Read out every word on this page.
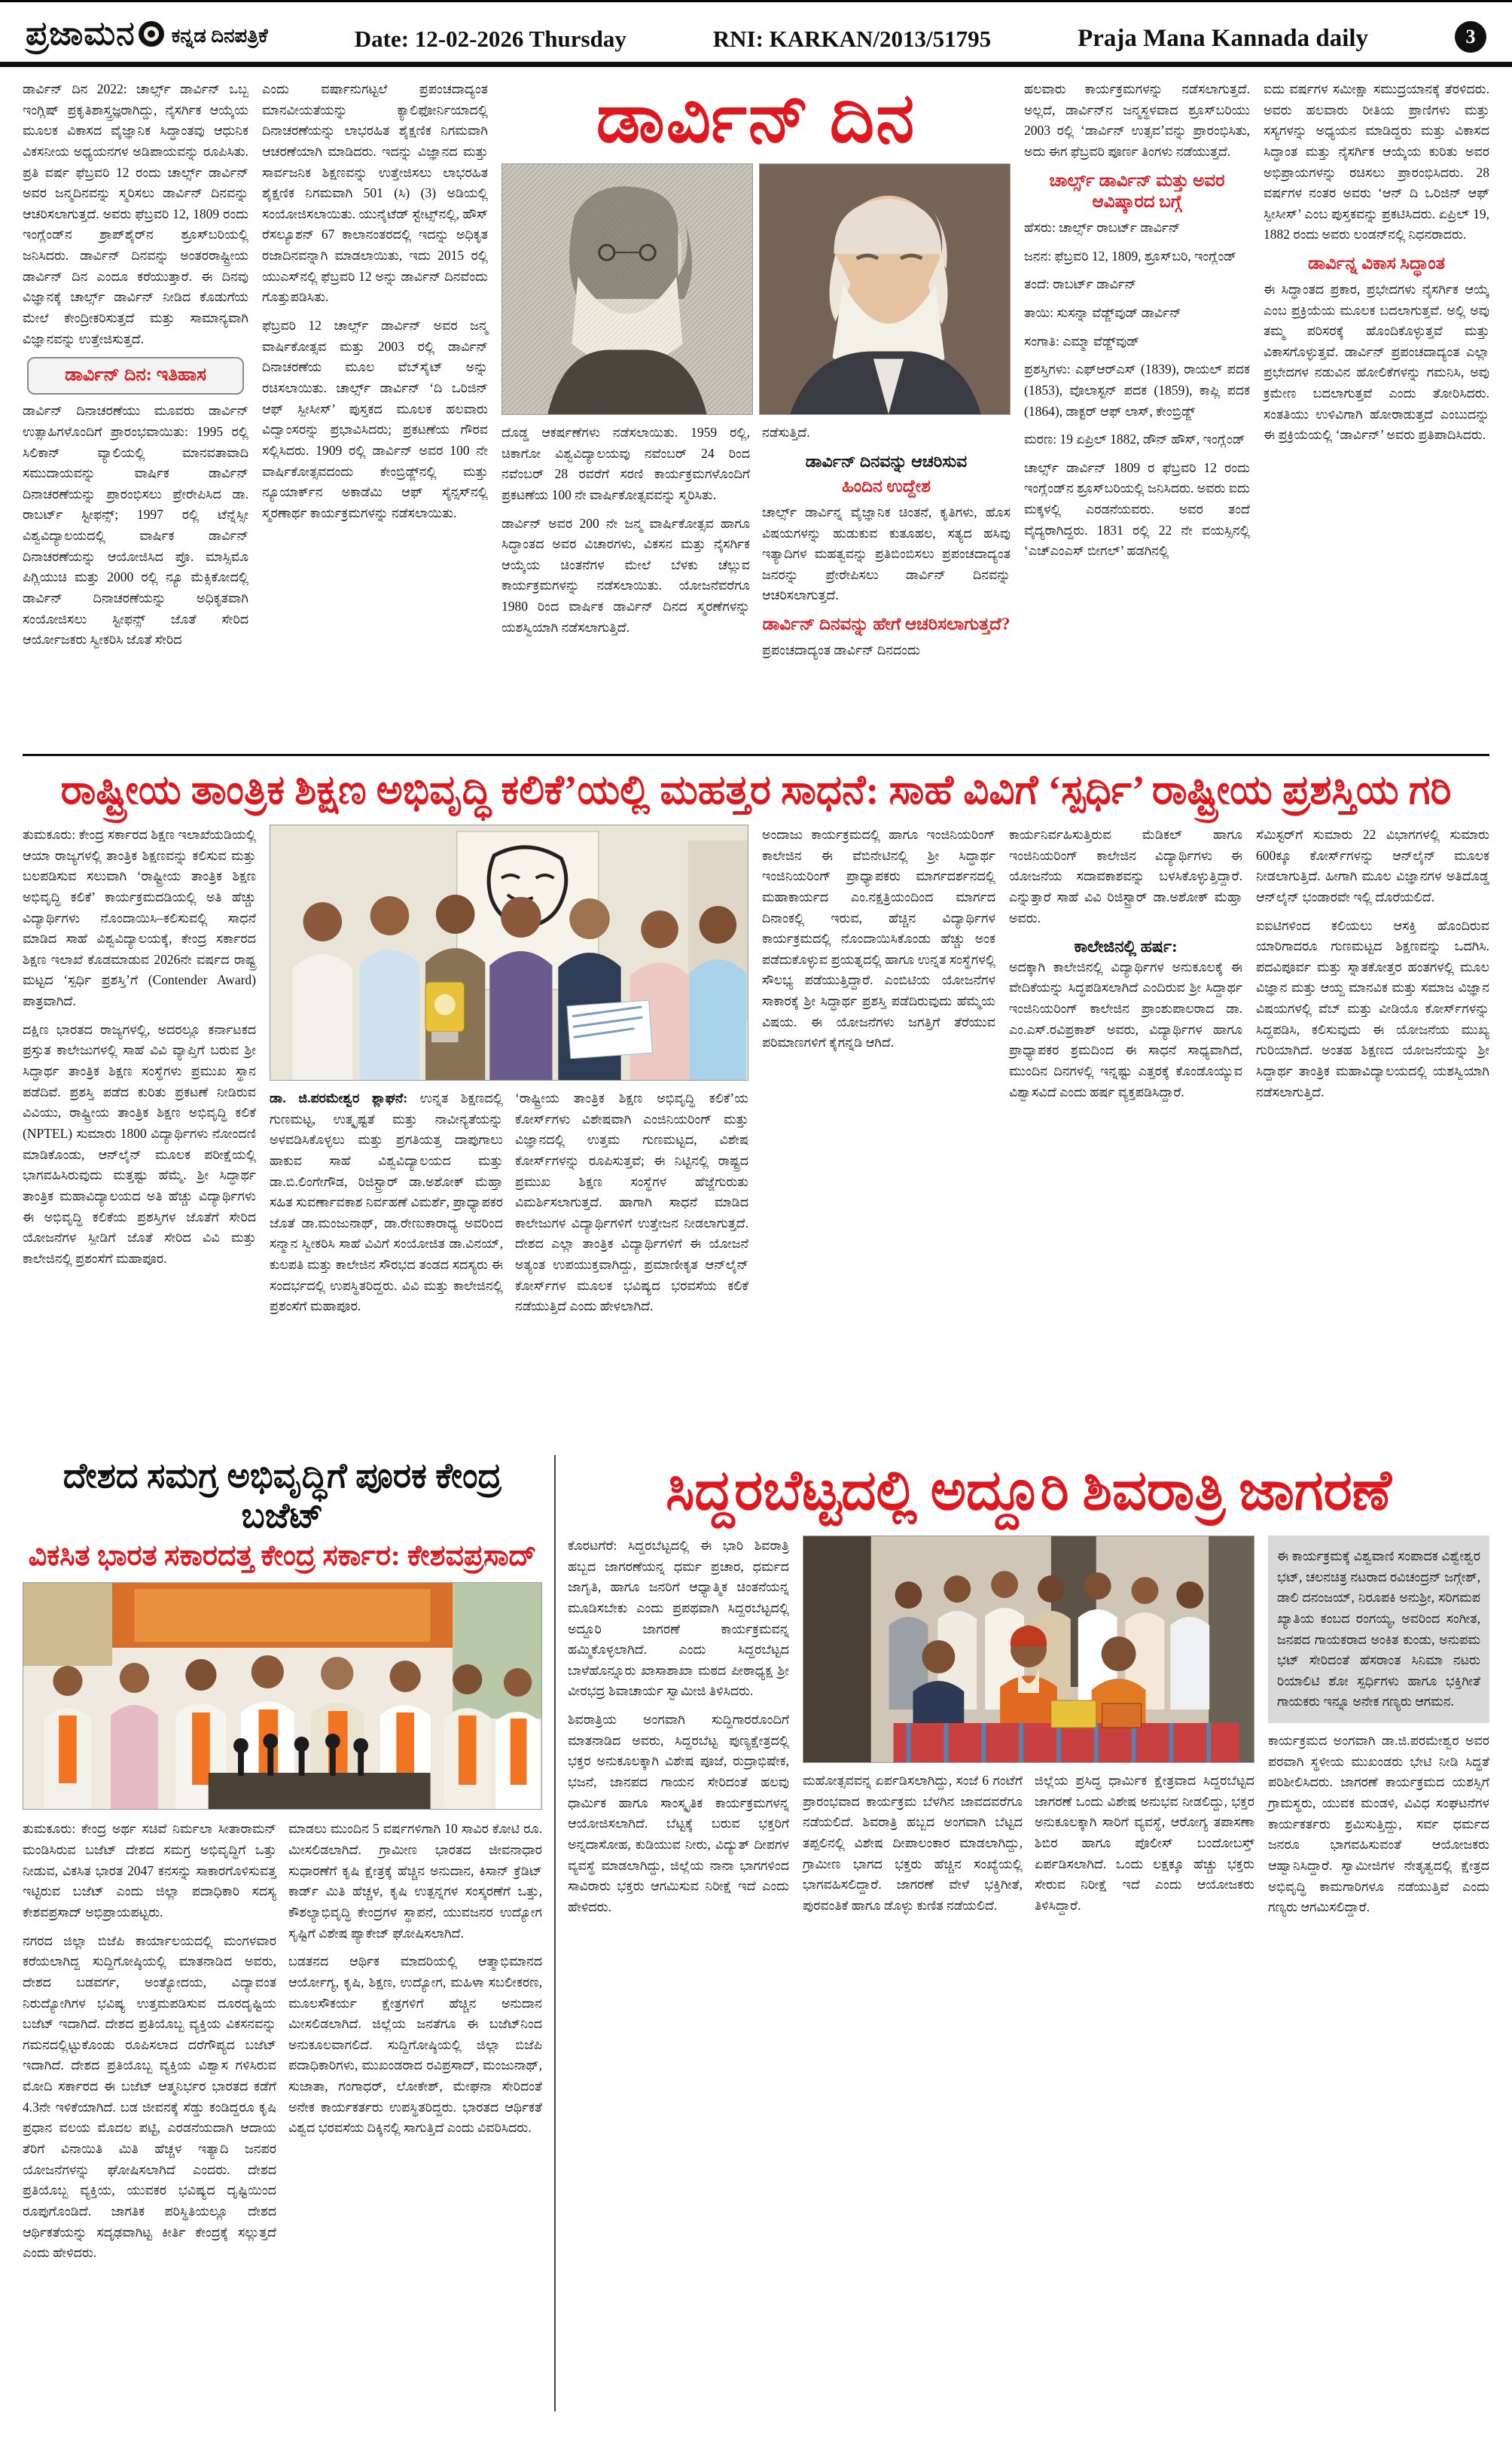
ಪ್ರಜಾಮನ ಕನ್ನಡ ದಿನಪತ್ರಿಕೆ	Date: 12-02-2026 Thursday	RNI: KARKAN/2013/51795	Praja Mana Kannada daily	3

ಡಾರ್ವಿನ್ ದಿನ 2022: ಚಾರ್ಲ್ಸ್ ಡಾರ್ವಿನ್ ಒಬ್ಬ ಇಂಗ್ಲಿಷ್ ಪ್ರಕೃತಿಶಾಸ್ತ್ರಜ್ಞರಾಗಿದ್ದು, ನೈಸರ್ಗಿಕ ಆಯ್ಕೆಯ ಮೂಲಕ ವಿಕಾಸದ ವೈಜ್ಞಾನಿಕ ಸಿದ್ಧಾಂತವು ಆಧುನಿಕ ವಿಕಸನೀಯ ಅಧ್ಯಯನಗಳ ಅಡಿಪಾಯವನ್ನು ರೂಪಿಸಿತು. ಪ್ರತಿ ವರ್ಷ ಫೆಬ್ರವರಿ 12 ರಂದು ಚಾರ್ಲ್ಸ್ ಡಾರ್ವಿನ್ ಅವರ ಜನ್ಮದಿನವನ್ನು ಸ್ಮರಿಸಲು ಡಾರ್ವಿನ್ ದಿನವನ್ನು ಆಚರಿಸಲಾಗುತ್ತದೆ. ಅವರು ಫೆಬ್ರವರಿ 12, 1809 ರಂದು ಇಂಗ್ಲೆಂಡ್‌ನ ಶ್ರಾಪ್‌ಶೈರ್‌ನ ಶ್ರೂಸ್‌ಬರಿಯಲ್ಲಿ ಜನಿಸಿದರು. ಡಾರ್ವಿನ್ ದಿನವನ್ನು ಅಂತರರಾಷ್ಟ್ರೀಯ ಡಾರ್ವಿನ್ ದಿನ ಎಂದೂ ಕರೆಯುತ್ತಾರೆ. ಈ ದಿನವು ವಿಜ್ಞಾನಕ್ಕೆ ಚಾರ್ಲ್ಸ್ ಡಾರ್ವಿನ್ ನೀಡಿದ ಕೊಡುಗೆಯ ಮೇಲೆ ಕೇಂದ್ರೀಕರಿಸುತ್ತದೆ ಮತ್ತು ಸಾಮಾನ್ಯವಾಗಿ ವಿಜ್ಞಾನವನ್ನು ಉತ್ತೇಜಿಸುತ್ತದೆ.

ಡಾರ್ವಿನ್ ದಿನ: ಇತಿಹಾಸ

ಡಾರ್ವಿನ್ ದಿನಾಚರಣೆಯು ಮೂವರು ಡಾರ್ವಿನ್ ಉತ್ಸಾಹಿಗಳೊಂದಿಗೆ ಪ್ರಾರಂಭವಾಯಿತು: 1995 ರಲ್ಲಿ ಸಿಲಿಕಾನ್ ವ್ಯಾಲಿಯಲ್ಲಿ ಮಾನವತಾವಾದಿ ಸಮುದಾಯವನ್ನು ವಾರ್ಷಿಕ ಡಾರ್ವಿನ್ ದಿನಾಚರಣೆಯನ್ನು ಪ್ರಾರಂಭಿಸಲು ಪ್ರೇರೇಪಿಸಿದ ಡಾ. ರಾಬರ್ಟ್ ಸ್ಟೀಫನ್ಸ್; 1997 ರಲ್ಲಿ ಟೆನ್ನೆಸ್ಸೀ ವಿಶ್ವವಿದ್ಯಾಲಯದಲ್ಲಿ ವಾರ್ಷಿಕ ಡಾರ್ವಿನ್ ದಿನಾಚರಣೆಯನ್ನು ಆಯೋಜಿಸಿದ ಪ್ರೊ. ಮಾಸ್ಸಿಮೊ ಪಿಗ್ಲಿಯುಚಿ ಮತ್ತು 2000 ರಲ್ಲಿ ನ್ಯೂ ಮೆಕ್ಸಿಕೋದಲ್ಲಿ ಡಾರ್ವಿನ್ ದಿನಾಚರಣೆಯನ್ನು ಅಧಿಕೃತವಾಗಿ ಸಂಯೋಜಿಸಲು ಸ್ಟೀಫನ್ಸ್ ಜೊತೆ ಸೇರಿದ ಆರ್ಯೋಜಕರು ಸ್ವೀಕರಿಸಿ ಜೊತೆ ಸೇರಿದ

ಎಂದು ವರ್ಷಾನುಗಟ್ಟಲೆ ಪ್ರಪಂಚದಾದ್ಯಂತ ಮಾನವೀಯತೆಯನ್ನು ಕ್ಯಾಲಿಫೋರ್ನಿಯಾದಲ್ಲಿ ದಿನಾಚರಣೆಯನ್ನು ಲಾಭರಹಿತ ಶೈಕ್ಷಣಿಕ ನಿಗಮವಾಗಿ ಆಚರಣೆಯಾಗಿ ಮಾಡಿದರು. ಇದನ್ನು ವಿಜ್ಞಾನದ ಮತ್ತು ಸಾರ್ವಜನಿಕ ಶಿಕ್ಷಣವನ್ನು ಉತ್ತೇಜಿಸಲು ಲಾಭರಹಿತ ಶೈಕ್ಷಣಿಕ ನಿಗಮವಾಗಿ 501 (ಸಿ) (3) ಅಡಿಯಲ್ಲಿ ಸಂಯೋಜಿಸಲಾಯಿತು. ಯುನೈಟೆಡ್ ಸ್ಟೇಟ್ಸ್‌ನಲ್ಲಿ, ಹೌಸ್ ರೆಸಲ್ಯೂಶನ್ 67 ಕಾಲಾನಂತರದಲ್ಲಿ ಇದನ್ನು ಅಧಿಕೃತ ರಜಾದಿನವನ್ನಾಗಿ ಮಾಡಲಾಯಿತು, ಇದು 2015 ರಲ್ಲಿ ಯುಎಸ್‌ನಲ್ಲಿ ಫೆಬ್ರವರಿ 12 ಅನ್ನು ಡಾರ್ವಿನ್ ದಿನವೆಂದು ಗೊತ್ತುಪಡಿಸಿತು.

ಫೆಬ್ರವರಿ 12 ಚಾರ್ಲ್ಸ್ ಡಾರ್ವಿನ್ ಅವರ ಜನ್ಮ ವಾರ್ಷಿಕೋತ್ಸವ ಮತ್ತು 2003 ರಲ್ಲಿ ಡಾರ್ವಿನ್ ದಿನಾಚರಣೆಯ ಮೂಲ ವೆಬ್‌ಸೈಟ್ ಅನ್ನು ರಚಿಸಲಾಯಿತು. ಚಾರ್ಲ್ಸ್ ಡಾರ್ವಿನ್ ‘ದಿ ಒರಿಜಿನ್ ಆಫ್ ಸ್ಪೀಸೀಸ್’ ಪುಸ್ತಕದ ಮೂಲಕ ಹಲವಾರು ವಿದ್ವಾಂಸರನ್ನು ಪ್ರಭಾವಿಸಿದರು; ಪ್ರಕಟಣೆಯ ಗೌರವ ಸಲ್ಲಿಸಿದರು. 1909 ರಲ್ಲಿ ಡಾರ್ವಿನ್ ಅವರ 100 ನೇ ವಾರ್ಷಿಕೋತ್ಸವದಂದು ಕೇಂಬ್ರಿಡ್ಜ್‌ನಲ್ಲಿ ಮತ್ತು ನ್ಯೂಯಾರ್ಕ್‌ನ ಅಕಾಡೆಮಿ ಆಫ್ ಸೈನ್ಸಸ್‌ನಲ್ಲಿ ಸ್ಮರಣಾರ್ಥ ಕಾರ್ಯಕ್ರಮಗಳನ್ನು ನಡೆಸಲಾಯಿತು.

ಡಾರ್ವಿನ್ ದಿನ

ದೊಡ್ಡ ಆಕರ್ಷಣೆಗಳು ನಡೆಸಲಾಯಿತು. 1959 ರಲ್ಲಿ, ಚಿಕಾಗೋ ವಿಶ್ವವಿದ್ಯಾಲಯವು ನವೆಂಬರ್ 24 ರಿಂದ ನವೆಂಬರ್ 28 ರವರೆಗೆ ಸರಣಿ ಕಾರ್ಯಕ್ರಮಗಳೊಂದಿಗೆ ಪ್ರಕಟಣೆಯ 100 ನೇ ವಾರ್ಷಿಕೋತ್ಸವವನ್ನು ಸ್ಮರಿಸಿತು.

ಡಾರ್ವಿನ್ ಅವರ 200 ನೇ ಜನ್ಮ ವಾರ್ಷಿಕೋತ್ಸವ ಹಾಗೂ ಸಿದ್ಧಾಂತದ ಅವರ ವಿಚಾರಗಳು, ವಿಕಸನ ಮತ್ತು ನೈಸರ್ಗಿಕ ಆಯ್ಕೆಯ ಚಿಂತನೆಗಳ ಮೇಲೆ ಬೆಳಕು ಚೆಲ್ಲುವ ಕಾರ್ಯಕ್ರಮಗಳನ್ನು ನಡೆಸಲಾಯಿತು. ಯೋಜನೆವರೆಗೂ 1980 ರಿಂದ ವಾರ್ಷಿಕ ಡಾರ್ವಿನ್ ದಿನದ ಸ್ಮರಣೆಗಳನ್ನು ಯಶಸ್ವಿಯಾಗಿ ನಡೆಸಲಾಗುತ್ತಿದೆ.

ನಡೆಸುತ್ತಿದೆ.

ಡಾರ್ವಿನ್ ದಿನವನ್ನು ಆಚರಿಸುವ
ಹಿಂದಿನ ಉದ್ದೇಶ

ಚಾರ್ಲ್ಸ್ ಡಾರ್ವಿನ್ನ ವೈಜ್ಞಾನಿಕ ಚಿಂತನೆ, ಕೃತಿಗಳು, ಹೊಸ ವಿಷಯಗಳನ್ನು ಹುಡುಕುವ ಕುತೂಹಲ, ಸತ್ಯದ ಹಸಿವು ಇತ್ಯಾದಿಗಳ ಮಹತ್ವವನ್ನು ಪ್ರತಿಬಿಂಬಿಸಲು ಪ್ರಪಂಚದಾದ್ಯಂತ ಜನರನ್ನು ಪ್ರೇರೇಪಿಸಲು ಡಾರ್ವಿನ್ ದಿನವನ್ನು ಆಚರಿಸಲಾಗುತ್ತದೆ.

ಡಾರ್ವಿನ್ ದಿನವನ್ನು ಹೇಗೆ ಆಚರಿಸಲಾಗುತ್ತದೆ?

ಪ್ರಪಂಚದಾದ್ಯಂತ ಡಾರ್ವಿನ್ ದಿನದಂದು

ಹಲವಾರು ಕಾರ್ಯಕ್ರಮಗಳನ್ನು ನಡೆಸಲಾಗುತ್ತದೆ. ಅಲ್ಲದೆ, ಡಾರ್ವಿನ್‌ನ ಜನ್ಮಸ್ಥಳವಾದ ಶ್ರೂಸ್‌ಬರಿಯು 2003 ರಲ್ಲಿ ‘ಡಾರ್ವಿನ್ ಉತ್ಸವ’ವನ್ನು ಪ್ರಾರಂಭಿಸಿತು, ಅದು ಈಗ ಫೆಬ್ರವರಿ ಪೂರ್ಣ ತಿಂಗಳು ನಡೆಯುತ್ತದೆ.

ಚಾರ್ಲ್ಸ್ ಡಾರ್ವಿನ್ ಮತ್ತು ಅವರ ಆವಿಷ್ಕಾರದ ಬಗ್ಗೆ

ಹೆಸರು: ಚಾರ್ಲ್ಸ್ ರಾಬರ್ಟ್ ಡಾರ್ವಿನ್

ಜನನ: ಫೆಬ್ರವರಿ 12, 1809, ಶ್ರೂಸ್‌ಬರಿ, ಇಂಗ್ಲೆಂಡ್

ತಂದೆ: ರಾಬರ್ಟ್ ಡಾರ್ವಿನ್

ತಾಯಿ: ಸುಸನ್ನಾ ವೆಡ್ಜ್‌ವುಡ್ ಡಾರ್ವಿನ್

ಸಂಗಾತಿ: ಎಮ್ಮಾ ವೆಡ್ಜ್‌ವುಡ್

ಪ್ರಶಸ್ತಿಗಳು: ಎಫ್‌ಆರ್‌ಎಸ್ (1839), ರಾಯಲ್ ಪದಕ (1853), ವೊಲಾಸ್ಟನ್ ಪದಕ (1859), ಕಾಪ್ಲಿ ಪದಕ (1864), ಡಾಕ್ಟರ್ ಆಫ್ ಲಾಸ್, ಕೇಂಬ್ರಿಡ್ಜ್

ಮರಣ: 19 ಏಪ್ರಿಲ್ 1882, ಡೌನ್ ಹೌಸ್, ಇಂಗ್ಲೆಂಡ್

ಚಾರ್ಲ್ಸ್ ಡಾರ್ವಿನ್ 1809 ರ ಫೆಬ್ರವರಿ 12 ರಂದು ಇಂಗ್ಲೆಂಡ್‌ನ ಶ್ರೂಸ್‌ಬರಿಯಲ್ಲಿ ಜನಿಸಿದರು. ಅವರು ಐದು ಮಕ್ಕಳಲ್ಲಿ ಎರಡನೆಯವರು. ಅವರ ತಂದೆ ವೈದ್ಯರಾಗಿದ್ದರು. 1831 ರಲ್ಲಿ 22 ನೇ ವಯಸ್ಸಿನಲ್ಲಿ ‘ಎಚ್‌ಎಂಎಸ್ ಬೀಗಲ್’ ಹಡಗಿನಲ್ಲಿ

ಐದು ವರ್ಷಗಳ ಸಮೀಕ್ಷಾ ಸಮುದ್ರಯಾನಕ್ಕೆ ತೆರಳಿದರು. ಅವರು ಹಲವಾರು ರೀತಿಯ ಪ್ರಾಣಿಗಳು ಮತ್ತು ಸಸ್ಯಗಳನ್ನು ಅಧ್ಯಯನ ಮಾಡಿದ್ದರು ಮತ್ತು ವಿಕಾಸದ ಸಿದ್ಧಾಂತ ಮತ್ತು ನೈಸರ್ಗಿಕ ಆಯ್ಕೆಯ ಕುರಿತು ಅವರ ಅಭಿಪ್ರಾಯಗಳನ್ನು ರಚಿಸಲು ಪ್ರಾರಂಭಿಸಿದರು. 28 ವರ್ಷಗಳ ನಂತರ ಅವರು ‘ಆನ್ ದಿ ಒರಿಜಿನ್ ಆಫ್ ಸ್ಪೀಸೀಸ್’ ಎಂಬ ಪುಸ್ತಕವನ್ನು ಪ್ರಕಟಿಸಿದರು. ಏಪ್ರಿಲ್ 19, 1882 ರಂದು ಅವರು ಲಂಡನ್‌ನಲ್ಲಿ ನಿಧನರಾದರು.

ಡಾರ್ವಿನ್ನ ವಿಕಾಸ ಸಿದ್ಧಾಂತ

ಈ ಸಿದ್ಧಾಂತದ ಪ್ರಕಾರ, ಪ್ರಭೇದಗಳು ನೈಸರ್ಗಿಕ ಆಯ್ಕೆ ಎಂಬ ಪ್ರಕ್ರಿಯೆಯ ಮೂಲಕ ಬದಲಾಗುತ್ತವೆ. ಅಲ್ಲಿ ಅವು ತಮ್ಮ ಪರಿಸರಕ್ಕೆ ಹೊಂದಿಕೊಳ್ಳುತ್ತವೆ ಮತ್ತು ವಿಕಾಸಗೊಳ್ಳುತ್ತವೆ. ಡಾರ್ವಿನ್ ಪ್ರಪಂಚದಾದ್ಯಂತ ಎಲ್ಲಾ ಪ್ರಭೇದಗಳ ನಡುವಿನ ಹೋಲಿಕೆಗಳನ್ನು ಗಮನಿಸಿ, ಅವು ಕ್ರಮೇಣ ಬದಲಾಗುತ್ತವೆ ಎಂದು ತೋರಿಸಿದರು. ಸಂತತಿಯು ಉಳಿವಿಗಾಗಿ ಹೋರಾಡುತ್ತದೆ ಎಂಬುದನ್ನು ಈ ಪ್ರಕ್ರಿಯೆಯಲ್ಲಿ ‘ಡಾರ್ವಿನ್’ ಅವರು ಪ್ರತಿಪಾದಿಸಿದರು.

ರಾಷ್ಟ್ರೀಯ ತಾಂತ್ರಿಕ ಶಿಕ್ಷಣ ಅಭಿವೃದ್ಧಿ ಕಲಿಕೆ’ಯಲ್ಲಿ ಮಹತ್ತರ ಸಾಧನೆ: ಸಾಹೆ ವಿವಿಗೆ ‘ಸ್ಪರ್ಧಿ’ ರಾಷ್ಟ್ರೀಯ ಪ್ರಶಸ್ತಿಯ ಗರಿ

ತುಮಕೂರು: ಕೇಂದ್ರ ಸರ್ಕಾರದ ಶಿಕ್ಷಣ ಇಲಾಖೆಯಡಿಯಲ್ಲಿ ಆಯಾ ರಾಜ್ಯಗಳಲ್ಲಿ ತಾಂತ್ರಿಕ ಶಿಕ್ಷಣವನ್ನು ಕಲಿಸುವ ಮತ್ತು ಬಲಪಡಿಸುವ ಸಲುವಾಗಿ ‘ರಾಷ್ಟ್ರೀಯ ತಾಂತ್ರಿಕ ಶಿಕ್ಷಣ ಅಭಿವೃದ್ಧಿ ಕಲಿಕೆ’ ಕಾರ್ಯಕ್ರಮದಡಿಯಲ್ಲಿ ಅತಿ ಹೆಚ್ಚು ವಿದ್ಯಾರ್ಥಿಗಳು ನೊಂದಾಯಿಸಿ–ಕಲಿಸುವಲ್ಲಿ ಸಾಧನೆ ಮಾಡಿದ ಸಾಹೆ ವಿಶ್ವವಿದ್ಯಾಲಯಕ್ಕೆ, ಕೇಂದ್ರ ಸರ್ಕಾರದ ಶಿಕ್ಷಣ ಇಲಾಖೆ ಕೊಡಮಾಡುವ 2026ನೇ ವರ್ಷದ ರಾಷ್ಟ್ರ ಮಟ್ಟದ ‘ಸ್ಪರ್ಧಿ ಪ್ರಶಸ್ತಿ’ಗೆ (Contender Award) ಪಾತ್ರವಾಗಿದೆ.

ದಕ್ಷಿಣ ಭಾರತದ ರಾಜ್ಯಗಳಲ್ಲಿ, ಅದರಲ್ಲೂ ಕರ್ನಾಟಕದ ಪ್ರಸ್ತುತ ಕಾಲೇಜುಗಳಲ್ಲಿ ಸಾಹೆ ವಿವಿ ವ್ಯಾಪ್ತಿಗೆ ಬರುವ ಶ್ರೀ ಸಿದ್ಧಾರ್ಥ ತಾಂತ್ರಿಕ ಶಿಕ್ಷಣ ಸಂಸ್ಥೆಗಳು ಪ್ರಮುಖ ಸ್ಥಾನ ಪಡೆದಿವೆ. ಪ್ರಶಸ್ತಿ ಪಡೆದ ಕುರಿತು ಪ್ರಕಟಣೆ ನೀಡಿರುವ ವಿವಿಯು, ರಾಷ್ಟ್ರೀಯ ತಾಂತ್ರಿಕ ಶಿಕ್ಷಣ ಅಭಿವೃದ್ಧಿ ಕಲಿಕೆ (NPTEL) ಸುಮಾರು 1800 ವಿದ್ಯಾರ್ಥಿಗಳು ನೋಂದಣಿ ಮಾಡಿಕೊಂಡು, ಆನ್‌ಲೈನ್ ಮೂಲಕ ಪರೀಕ್ಷೆಯಲ್ಲಿ ಭಾಗವಹಿಸಿರುವುದು ಮತ್ತಷ್ಟು ಹೆಮ್ಮೆ. ಶ್ರೀ ಸಿದ್ಧಾರ್ಥ ತಾಂತ್ರಿಕ ಮಹಾವಿದ್ಯಾಲಯದ ಅತಿ ಹೆಚ್ಚು ವಿದ್ಯಾರ್ಥಿಗಳು ಈ ಅಭಿವೃದ್ಧಿ ಕಲಿಕೆಯ ಪ್ರಶಸ್ತಿಗಳ ಜೊತೆಗೆ ಸೇರಿದ ಯೋಜನೆಗಳ ಸ್ಪೀಡಿಗೆ ಜೊತೆ ಸೇರಿದ ವಿವಿ ಮತ್ತು ಕಾಲೇಜಿನಲ್ಲಿ ಪ್ರಶಂಸೆಗೆ ಮಹಾಪೂರ.

ಡಾ. ಜಿ.ಪರಮೇಶ್ವರ ಶ್ಲಾಘನೆ: ಉನ್ನತ ಶಿಕ್ಷಣದಲ್ಲಿ ಗುಣಮಟ್ಟ, ಉತ್ಕೃಷ್ಟತೆ ಮತ್ತು ನಾವೀನ್ಯತೆಯನ್ನು ಅಳವಡಿಸಿಕೊಳ್ಳಲು ಮತ್ತು ಪ್ರಗತಿಯತ್ತ ದಾಪುಗಾಲು ಹಾಕುವ ಸಾಹೆ ವಿಶ್ವವಿದ್ಯಾಲಯದ ಮತ್ತು ಡಾ.ಬಿ.ಲಿಂಗೇಗೌಡ, ರಿಜಿಸ್ಟ್ರಾರ್ ಡಾ.ಅಶೋಕ್ ಮೆಹ್ತಾ ಸಹಿತ ಸುವರ್ಣಾವಕಾಶ ನಿರ್ವಹಣೆ ವಿಮರ್ಶೆ, ಪ್ರಾಧ್ಯಾಪಕರ ಜೊತೆ ಡಾ.ಮಂಜುನಾಥ್, ಡಾ.ರೇಣುಕಾರಾಧ್ಯ ಅವರಿಂದ ಸನ್ಮಾನ ಸ್ವೀಕರಿಸಿ ಸಾಹೆ ವಿವಿಗೆ ಸಂಯೋಜಿತ ಡಾ.ವಿನಯ್, ಕುಲಪತಿ ಮತ್ತು ಕಾಲೇಜಿನ ಸೌರಭದ ತಂಡದ ಸದಸ್ಯರು ಈ ಸಂದರ್ಭದಲ್ಲಿ ಉಪಸ್ಥಿತರಿದ್ದರು. ವಿವಿ ಮತ್ತು ಕಾಲೇಜಿನಲ್ಲಿ ಪ್ರಶಂಸೆಗೆ ಮಹಾಪೂರ.

‘ರಾಷ್ಟ್ರೀಯ ತಾಂತ್ರಿಕ ಶಿಕ್ಷಣ ಅಭಿವೃದ್ಧಿ ಕಲಿಕೆ’ಯ ಕೋರ್ಸ್‌ಗಳು ವಿಶೇಷವಾಗಿ ಎಂಜಿನಿಯರಿಂಗ್ ಮತ್ತು ವಿಜ್ಞಾನದಲ್ಲಿ ಉತ್ತಮ ಗುಣಮಟ್ಟದ, ವಿಶೇಷ ಕೋರ್ಸ್‌ಗಳನ್ನು ರೂಪಿಸುತ್ತವೆ; ಈ ನಿಟ್ಟಿನಲ್ಲಿ ರಾಷ್ಟ್ರದ ಪ್ರಮುಖ ಶಿಕ್ಷಣ ಸಂಸ್ಥೆಗಳ ಹೆಜ್ಜೆಗುರುತು ವಿಮರ್ಶಿಸಲಾಗುತ್ತದೆ. ಹಾಗಾಗಿ ಸಾಧನೆ ಮಾಡಿದ ಕಾಲೇಜುಗಳ ವಿದ್ಯಾರ್ಥಿಗಳಿಗೆ ಉತ್ತೇಜನ ನೀಡಲಾಗುತ್ತದೆ. ದೇಶದ ಎಲ್ಲಾ ತಾಂತ್ರಿಕ ವಿದ್ಯಾರ್ಥಿಗಳಿಗೆ ಈ ಯೋಜನೆ ಅತ್ಯಂತ ಉಪಯುಕ್ತವಾಗಿದ್ದು, ಪ್ರಮಾಣೀಕೃತ ಆನ್‌ಲೈನ್ ಕೋರ್ಸ್‌ಗಳ ಮೂಲಕ ಭವಿಷ್ಯದ ಭರವಸೆಯ ಕಲಿಕೆ ನಡೆಯುತ್ತಿದೆ ಎಂದು ಹೇಳಲಾಗಿದೆ.

ಅಂದಾಜು ಕಾರ್ಯಕ್ರಮದಲ್ಲಿ ಹಾಗೂ ಇಂಜಿನಿಯರಿಂಗ್ ಕಾಲೇಜಿನ ಈ ವೆಬಿನೇಟಿನಲ್ಲಿ ಶ್ರೀ ಸಿದ್ಧಾರ್ಥ ಇಂಜಿನಿಯರಿಂಗ್ ಪ್ರಾಧ್ಯಾಪಕರು ಮಾರ್ಗದರ್ಶನದಲ್ಲಿ ಮಹಾಕಾರ್ಯದ ಎಂ.ನಕ್ಷತ್ರಿಯಂದಿಂದ ಮಾರ್ಗದ ದಿನಾಂಕಲ್ಲಿ ಇರುವ, ಹೆಚ್ಚಿನ ವಿದ್ಯಾರ್ಥಿಗಳ ಕಾರ್ಯಕ್ರಮದಲ್ಲಿ ನೊಂದಾಯಿಸಿಕೊಂಡು ಹೆಚ್ಚು ಅಂಕ ಪಡೆದುಕೊಳ್ಳುವ ಪ್ರಯತ್ನದಲ್ಲಿ ಹಾಗೂ ಉನ್ನತ ಸಂಸ್ಥೆಗಳಲ್ಲಿ ಸೌಲಭ್ಯ ಪಡೆಯುತ್ತಿದ್ದಾರೆ. ಎಂಬಿಟಿಯ ಯೋಜನೆಗಳ ಸಾಕಾರಕ್ಕೆ ಶ್ರೀ ಸಿದ್ಧಾರ್ಥ ಪ್ರಶಸ್ತಿ ಪಡೆದಿರುವುದು ಹೆಮ್ಮೆಯ ವಿಷಯ. ಈ ಯೋಜನೆಗಳು ಜಗತ್ತಿಗೆ ತೆರೆಯುವ ಪರಿಮಾಣಗಳಿಗೆ ಕೈಗನ್ನಡಿ ಆಗಿದೆ.

ಕಾರ್ಯನಿರ್ವಹಿಸುತ್ತಿರುವ ಮೆಡಿಕಲ್ ಹಾಗೂ ಇಂಜಿನಿಯರಿಂಗ್ ಕಾಲೇಜಿನ ವಿದ್ಯಾರ್ಥಿಗಳು ಈ ಯೋಜನೆಯ ಸದಾವಕಾಶವನ್ನು ಬಳಸಿಕೊಳ್ಳುತ್ತಿದ್ದಾರೆ. ಎನ್ನುತ್ತಾರೆ ಸಾಹೆ ವಿವಿ ರಿಜಿಸ್ಟ್ರಾರ್ ಡಾ.ಅಶೋಕ್ ಮೆಹ್ತಾ ಅವರು.

ಕಾಲೇಜಿನಲ್ಲಿ ಹರ್ಷ:

ಅದಕ್ಕಾಗಿ ಕಾಲೇಜಿನಲ್ಲಿ ವಿದ್ಯಾರ್ಥಿಗಳ ಅನುಕೂಲಕ್ಕೆ ಈ ವೇದಿಕೆಯನ್ನು ಸಿದ್ಧಪಡಿಸಲಾಗಿದೆ ಎಂದಿರುವ ಶ್ರೀ ಸಿದ್ದಾರ್ಥ ಇಂಜಿನಿಯರಿಂಗ್ ಕಾಲೇಜಿನ ಪ್ರಾಂಶುಪಾಲರಾದ ಡಾ. ಎಂ.ಎಸ್.ರವಿಪ್ರಕಾಶ್ ಅವರು, ವಿದ್ಯಾರ್ಥಿಗಳ ಹಾಗೂ ಪ್ರಾಧ್ಯಾಪಕರ ಶ್ರಮದಿಂದ ಈ ಸಾಧನೆ ಸಾಧ್ಯವಾಗಿದೆ, ಮುಂದಿನ ದಿನಗಳಲ್ಲಿ ಇನ್ನಷ್ಟು ಎತ್ತರಕ್ಕೆ ಕೊಂಡೊಯ್ಯುವ ವಿಶ್ವಾಸವಿದೆ ಎಂದು ಹರ್ಷ ವ್ಯಕ್ತಪಡಿಸಿದ್ದಾರೆ.

ಸೆಮಿಸ್ಟರ್‌ಗೆ ಸುಮಾರು 22 ವಿಭಾಗಗಳಲ್ಲಿ ಸುಮಾರು 600ಕ್ಕೂ ಕೋರ್ಸ್‌ಗಳನ್ನು ಆನ್‌ಲೈನ್ ಮೂಲಕ ನೀಡಲಾಗುತ್ತಿದೆ. ಹೀಗಾಗಿ ಮೂಲ ವಿಜ್ಞಾನಗಳ ಅತಿದೊಡ್ಡ ಆನ್‌ಲೈನ್ ಭಂಡಾರವೇ ಇಲ್ಲಿ ದೊರೆಯಲಿದೆ.

ಐಐಟಿಗಳಿಂದ ಕಲಿಯಲು ಆಸಕ್ತಿ ಹೊಂದಿರುವ ಯಾರಿಗಾದರೂ ಗುಣಮಟ್ಟದ ಶಿಕ್ಷಣವನ್ನು ಒದಗಿಸಿ. ಪದವಿಪೂರ್ವ ಮತ್ತು ಸ್ನಾತಕೋತ್ತರ ಹಂತಗಳಲ್ಲಿ ಮೂಲ ವಿಜ್ಞಾನ ಮತ್ತು ಆಯ್ದ ಮಾನವಿಕ ಮತ್ತು ಸಮಾಜ ವಿಜ್ಞಾನ ವಿಷಯಗಳಲ್ಲಿ ವೆಬ್ ಮತ್ತು ವೀಡಿಯೊ ಕೋರ್ಸ್‌ಗಳನ್ನು ಸಿದ್ದಪಡಿಸಿ, ಕಲಿಸುವುದು ಈ ಯೋಜನೆಯ ಮುಖ್ಯ ಗುರಿಯಾಗಿದೆ. ಅಂತಹ ಶಿಕ್ಷಣದ ಯೋಜನೆಯನ್ನು ಶ್ರೀ ಸಿದ್ದಾರ್ಥ ತಾಂತ್ರಿಕ ಮಹಾವಿದ್ಯಾಲಯದಲ್ಲಿ ಯಶಸ್ವಿಯಾಗಿ ನಡೆಸಲಾಗುತ್ತಿದೆ.

ದೇಶದ ಸಮಗ್ರ ಅಭಿವೃದ್ಧಿಗೆ ಪೂರಕ ಕೇಂದ್ರ ಬಜೆಟ್
ವಿಕಸಿತ ಭಾರತ ಸಕಾರದತ್ತ ಕೇಂದ್ರ ಸರ್ಕಾರ: ಕೇಶವಪ್ರಸಾದ್

ತುಮಕೂರು: ಕೇಂದ್ರ ಅರ್ಥ ಸಚಿವೆ ನಿರ್ಮಲಾ ಸೀತಾರಾಮನ್ ಮಂಡಿಸಿರುವ ಬಜೆಟ್ ದೇಶದ ಸಮಗ್ರ ಅಭಿವೃದ್ಧಿಗೆ ಒತ್ತು ನೀಡುವ, ವಿಕಸಿತ ಭಾರತ 2047 ಕನಸನ್ನು ಸಾಕಾರಗೊಳಿಸುವತ್ತ ಇಟ್ಟಿರುವ ಬಜೆಟ್ ಎಂದು ಜಿಲ್ಲಾ ಪದಾಧಿಕಾರಿ ಸದಸ್ಯ ಕೇಶವಪ್ರಸಾದ್ ಅಭಿಪ್ರಾಯಪಟ್ಟರು.

ನಗರದ ಜಿಲ್ಲಾ ಬಿಜೆಪಿ ಕಾರ್ಯಾಲಯದಲ್ಲಿ ಮಂಗಳವಾರ ಕರೆಯಲಾಗಿದ್ದ ಸುದ್ದಿಗೋಷ್ಠಿಯಲ್ಲಿ ಮಾತನಾಡಿದ ಅವರು, ದೇಶದ ಬಡವರ್ಗ, ಅಂತ್ಯೋದಯ, ವಿದ್ಯಾವಂತ ನಿರುದ್ಯೋಗಿಗಳ ಭವಿಷ್ಯ ಉತ್ತಮಪಡಿಸುವ ದೂರದೃಷ್ಟಿಯ ಬಜೆಟ್ ಇದಾಗಿದೆ. ದೇಶದ ಪ್ರತಿಯೊಬ್ಬ ವ್ಯಕ್ತಿಯ ವಿಕಸನವನ್ನು ಗಮನದಲ್ಲಿಟ್ಟುಕೊಂಡು ರೂಪಿಸಲಾದ ದರೆಗೌಪ್ಯದ ಬಜೆಟ್ ಇದಾಗಿದೆ. ದೇಶದ ಪ್ರತಿಯೊಬ್ಬ ವ್ಯಕ್ತಿಯ ವಿಶ್ವಾಸ ಗಳಿಸಿರುವ ಮೋದಿ ಸರ್ಕಾರದ ಈ ಬಜೆಟ್ ಆತ್ಮನಿರ್ಭರ ಭಾರತದ ಕಡೆಗೆ 4.3ನೇ ಇಳಿಕೆಯಾಗಿದೆ. ಬಡ ಜೀವನಕ್ಕೆ ಸೆಡ್ಡು ಕಂಡಿದ್ದರೂ ಕೃಷಿ ಪ್ರಧಾನ ವಲಯ ಮೊದಲ ಪಟ್ಟಿ, ಎರಡನೆಯದಾಗಿ ಆದಾಯ ತೆರಿಗೆ ವಿನಾಯಿತಿ ಮಿತಿ ಹೆಚ್ಚಳ ಇತ್ಯಾದಿ ಜನಪರ ಯೋಜನೆಗಳನ್ನು ಘೋಷಿಸಲಾಗಿದೆ ಎಂದರು. ದೇಶದ ಪ್ರತಿಯೊಬ್ಬ ವ್ಯಕ್ತಿಯ, ಯುವಕರ ಭವಿಷ್ಯದ ದೃಷ್ಟಿಯಿಂದ ರೂಪುಗೊಂಡಿದೆ. ಜಾಗತಿಕ ಪರಿಸ್ಥಿತಿಯಲ್ಲೂ ದೇಶದ ಆರ್ಥಿಕತೆಯನ್ನು ಸದೃಢವಾಗಿಟ್ಟ ಕೀರ್ತಿ ಕೇಂದ್ರಕ್ಕೆ ಸಲ್ಲುತ್ತದೆ ಎಂದು ಹೇಳಿದರು.

ಮಾಡಲು ಮುಂದಿನ 5 ವರ್ಷಗಳಿಗಾಗಿ 10 ಸಾವಿರ ಕೋಟಿ ರೂ. ಮೀಸಲಿಡಲಾಗಿದೆ. ಗ್ರಾಮೀಣ ಭಾರತದ ಜೀವನಾಧಾರ ಸುಧಾರಣೆಗೆ ಕೃಷಿ ಕ್ಷೇತ್ರಕ್ಕೆ ಹೆಚ್ಚಿನ ಅನುದಾನ, ಕಿಸಾನ್ ಕ್ರೆಡಿಟ್ ಕಾರ್ಡ್ ಮಿತಿ ಹೆಚ್ಚಳ, ಕೃಷಿ ಉತ್ಪನ್ನಗಳ ಸಂಸ್ಕರಣೆಗೆ ಒತ್ತು, ಕೌಶಲ್ಯಾಭಿವೃದ್ಧಿ ಕೇಂದ್ರಗಳ ಸ್ಥಾಪನೆ, ಯುವಜನರ ಉದ್ಯೋಗ ಸೃಷ್ಟಿಗೆ ವಿಶೇಷ ಪ್ಯಾಕೇಜ್ ಘೋಷಿಸಲಾಗಿದೆ.

ಬಡತನದ ಆರ್ಥಿಕ ಮಾದರಿಯಲ್ಲಿ ಆತ್ಮಾಭಿಮಾನದ ಆರ್ಯೋಗ್ಯ, ಕೃಷಿ, ಶಿಕ್ಷಣ, ಉದ್ಯೋಗ, ಮಹಿಳಾ ಸಬಲೀಕರಣ, ಮೂಲಸೌಕರ್ಯ ಕ್ಷೇತ್ರಗಳಿಗೆ ಹೆಚ್ಚಿನ ಅನುದಾನ ಮೀಸಲಿಡಲಾಗಿದೆ. ಜಿಲ್ಲೆಯ ಜನತೆಗೂ ಈ ಬಜೆಟ್‌ನಿಂದ ಅನುಕೂಲವಾಗಲಿದೆ. ಸುದ್ದಿಗೋಷ್ಠಿಯಲ್ಲಿ ಜಿಲ್ಲಾ ಬಿಜೆಪಿ ಪದಾಧಿಕಾರಿಗಳು, ಮುಖಂಡರಾದ ರವಿಪ್ರಸಾದ್, ಮಂಜುನಾಥ್, ಸುಜಾತಾ, ಗಂಗಾಧರ್, ಲೋಕೇಶ್, ಮೇಘನಾ ಸೇರಿದಂತೆ ಅನೇಕ ಕಾರ್ಯಕರ್ತರು ಉಪಸ್ಥಿತರಿದ್ದರು. ಭಾರತದ ಆರ್ಥಿಕತೆ ವಿಶ್ವದ ಭರವಸೆಯ ದಿಕ್ಕಿನಲ್ಲಿ ಸಾಗುತ್ತಿದೆ ಎಂದು ವಿವರಿಸಿದರು.

ಸಿದ್ದರಬೆಟ್ಟದಲ್ಲಿ ಅದ್ದೂರಿ ಶಿವರಾತ್ರಿ ಜಾಗರಣೆ

ಕೊರಟಗೆರೆ: ಸಿದ್ದರಬೆಟ್ಟದಲ್ಲಿ ಈ ಭಾರಿ ಶಿವರಾತ್ರಿ ಹಬ್ಬದ ಜಾಗರಣೆಯನ್ನ ಧರ್ಮ ಪ್ರಚಾರ, ಧರ್ಮದ ಜಾಗೃತಿ, ಹಾಗೂ ಜನರಿಗೆ ಆಧ್ಯಾತ್ಮಿಕ ಚಿಂತನೆಯನ್ನ ಮೂಡಿಸಬೇಕು ಎಂದು ಪ್ರಪಥವಾಗಿ ಸಿದ್ದರಬೆಟ್ಟದಲ್ಲಿ ಅದ್ದೂರಿ ಜಾಗರಣೆ ಕಾರ್ಯಕ್ರಮವನ್ನ ಹಮ್ಮಿಕೊಳ್ಳಲಾಗಿದೆ. ಎಂದು ಸಿದ್ದರಬೆಟ್ಟದ ಬಾಳೆಹೊನ್ನೂರು ಖಾಸಾಶಾಖಾ ಮಠದ ಪೀಠಾಧ್ಯಕ್ಷ ಶ್ರೀ ವೀರಭದ್ರ ಶಿವಾಚಾರ್ಯ ಸ್ವಾಮೀಜಿ ತಿಳಿಸಿದರು.

ಶಿವರಾತ್ರಿಯ ಅಂಗವಾಗಿ ಸುದ್ದಿಗಾರರೊಂದಿಗೆ ಮಾತನಾಡಿದ ಅವರು, ಸಿದ್ದರಬೆಟ್ಟ ಪುಣ್ಯಕ್ಷೇತ್ರದಲ್ಲಿ ಭಕ್ತರ ಅನುಕೂಲಕ್ಕಾಗಿ ವಿಶೇಷ ಪೂಜೆ, ರುದ್ರಾಭಿಷೇಕ, ಭಜನೆ, ಜಾನಪದ ಗಾಯನ ಸೇರಿದಂತೆ ಹಲವು ಧಾರ್ಮಿಕ ಹಾಗೂ ಸಾಂಸ್ಕೃತಿಕ ಕಾರ್ಯಕ್ರಮಗಳನ್ನ ಆಯೋಜಿಸಲಾಗಿದೆ. ಬೆಟ್ಟಕ್ಕೆ ಬರುವ ಭಕ್ತರಿಗೆ ಅನ್ನದಾಸೋಹ, ಕುಡಿಯುವ ನೀರು, ವಿದ್ಯುತ್ ದೀಪಗಳ ವ್ಯವಸ್ಥೆ ಮಾಡಲಾಗಿದ್ದು, ಜಿಲ್ಲೆಯ ನಾನಾ ಭಾಗಗಳಿಂದ ಸಾವಿರಾರು ಭಕ್ತರು ಆಗಮಿಸುವ ನಿರೀಕ್ಷೆ ಇದೆ ಎಂದು ಹೇಳಿದರು.

ಮಹೋತ್ಸವವನ್ನ ಏರ್ಪಡಿಸಲಾಗಿದ್ದು, ಸಂಜೆ 6 ಗಂಟೆಗೆ ಪ್ರಾರಂಭವಾದ ಕಾರ್ಯಕ್ರಮ ಬೆಳಗಿನ ಜಾವದವರೆಗೂ ನಡೆಯಲಿದೆ. ಶಿವರಾತ್ರಿ ಹಬ್ಬದ ಅಂಗವಾಗಿ ಬೆಟ್ಟದ ತಪ್ಪಲಿನಲ್ಲಿ ವಿಶೇಷ ದೀಪಾಲಂಕಾರ ಮಾಡಲಾಗಿದ್ದು, ಗ್ರಾಮೀಣ ಭಾಗದ ಭಕ್ತರು ಹೆಚ್ಚಿನ ಸಂಖ್ಯೆಯಲ್ಲಿ ಭಾಗವಹಿಸಲಿದ್ದಾರೆ. ಜಾಗರಣೆ ವೇಳೆ ಭಕ್ತಿಗೀತೆ, ಪುರವಂತಿಕೆ ಹಾಗೂ ಡೊಳ್ಳು ಕುಣಿತ ನಡೆಯಲಿದೆ.

ಜಿಲ್ಲೆಯ ಪ್ರಸಿದ್ಧ ಧಾರ್ಮಿಕ ಕ್ಷೇತ್ರವಾದ ಸಿದ್ದರಬೆಟ್ಟದ ಜಾಗರಣೆ ಒಂದು ವಿಶೇಷ ಅನುಭವ ನೀಡಲಿದ್ದು, ಭಕ್ತರ ಅನುಕೂಲಕ್ಕಾಗಿ ಸಾರಿಗೆ ವ್ಯವಸ್ಥೆ, ಆರೋಗ್ಯ ತಪಾಸಣಾ ಶಿಬಿರ ಹಾಗೂ ಪೊಲೀಸ್ ಬಂದೋಬಸ್ತ್ ಏರ್ಪಡಿಸಲಾಗಿದೆ. ಒಂದು ಲಕ್ಷಕ್ಕೂ ಹೆಚ್ಚು ಭಕ್ತರು ಸೇರುವ ನಿರೀಕ್ಷೆ ಇದೆ ಎಂದು ಆಯೋಜಕರು ತಿಳಿಸಿದ್ದಾರೆ.

ಈ ಕಾರ್ಯಕ್ರಮಕ್ಕೆ ವಿಶ್ವವಾಣಿ ಸಂಪಾದಕ ವಿಶ್ವೇಶ್ವರ ಭಟ್, ಚಲನಚಿತ್ರ ನಟರಾದ ರವಿಚಂದ್ರನ್ ಜಗ್ಗೇಶ್, ಡಾಲಿ ದನಂಜಯ್, ನಿರೂಪಕಿ ಅನುಶ್ರೀ, ಸರಿಗಮಪ ಖ್ಯಾತಿಯ ಕಂಬದ ರಂಗಯ್ಯ, ಅವರಿಂದ ಸಂಗೀತ, ಜನಪದ ಗಾಯಕರಾದ ಅಂಕಿತ ಕುಂಡು, ಅನುಪಮ ಭಟ್ ಸೇರಿದಂತೆ ಹೆಸರಾಂತ ಸಿನಿಮಾ ನಟರು ರಿಯಾಲಿಟಿ ಶೋ ಸ್ಪರ್ಧಿಗಳು ಹಾಗೂ ಭಕ್ತಿಗೀತೆ ಗಾಯಕರು ಇನ್ನೂ ಅನೇಕ ಗಣ್ಯರು ಆಗಮನ.

ಕಾರ್ಯಕ್ರಮದ ಅಂಗವಾಗಿ ಡಾ.ಜಿ.ಪರಮೇಶ್ವರ ಅವರ ಪರವಾಗಿ ಸ್ಥಳೀಯ ಮುಖಂಡರು ಭೇಟಿ ನೀಡಿ ಸಿದ್ಧತೆ ಪರಿಶೀಲಿಸಿದರು. ಜಾಗರಣೆ ಕಾರ್ಯಕ್ರಮದ ಯಶಸ್ಸಿಗೆ ಗ್ರಾಮಸ್ಥರು, ಯುವಕ ಮಂಡಳಿ, ವಿವಿಧ ಸಂಘಟನೆಗಳ ಕಾರ್ಯಕರ್ತರು ಶ್ರಮಿಸುತ್ತಿದ್ದು, ಸರ್ವ ಧರ್ಮದ ಜನರೂ ಭಾಗವಹಿಸುವಂತೆ ಆಯೋಜಕರು ಆಹ್ವಾನಿಸಿದ್ದಾರೆ. ಸ್ವಾಮೀಜಿಗಳ ನೇತೃತ್ವದಲ್ಲಿ ಕ್ಷೇತ್ರದ ಅಭಿವೃದ್ಧಿ ಕಾಮಗಾರಿಗಳೂ ನಡೆಯುತ್ತಿವೆ ಎಂದು ಗಣ್ಯರು ಆಗಮಿಸಲಿದ್ದಾರೆ.
